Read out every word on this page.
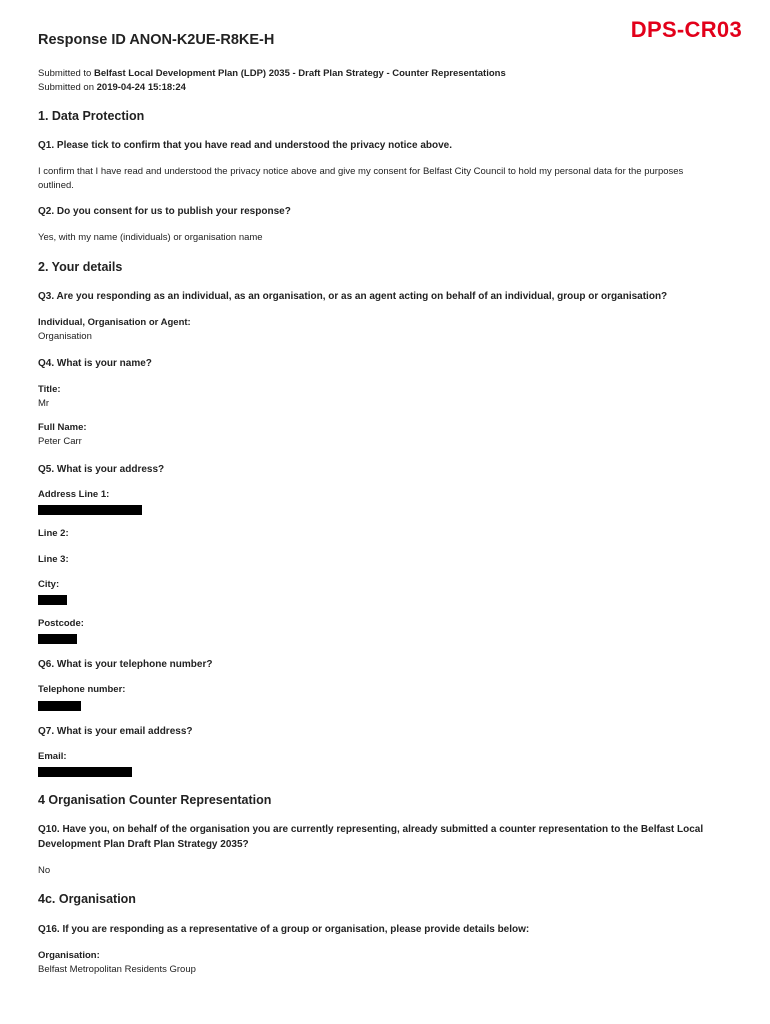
DPS-CR03
Response ID ANON-K2UE-R8KE-H
Submitted to Belfast Local Development Plan (LDP) 2035 - Draft Plan Strategy - Counter Representations
Submitted on 2019-04-24 15:18:24
1. Data Protection
Q1. Please tick to confirm that you have read and understood the privacy notice above.
I confirm that I have read and understood the privacy notice above and give my consent for Belfast City Council to hold my personal data for the purposes outlined.
Q2. Do you consent for us to publish your response?
Yes, with my name (individuals) or organisation name
2. Your details
Q3. Are you responding as an individual, as an organisation, or as an agent acting on behalf of an individual, group or organisation?
Individual, Organisation or Agent:
Organisation
Q4. What is your name?
Title:
Mr
Full Name:
Peter Carr
Q5. What is your address?
Address Line 1:
Line 2:
Line 3:
City:
Postcode:
Q6. What is your telephone number?
Telephone number:
Q7. What is your email address?
Email:
4 Organisation Counter Representation
Q10. Have you, on behalf of the organisation you are currently representing, already submitted a counter representation to the Belfast Local Development Plan Draft Plan Strategy 2035?
No
4c. Organisation
Q16. If you are responding as a representative of a group or organisation, please provide details below:
Organisation:
Belfast Metropolitan Residents Group
